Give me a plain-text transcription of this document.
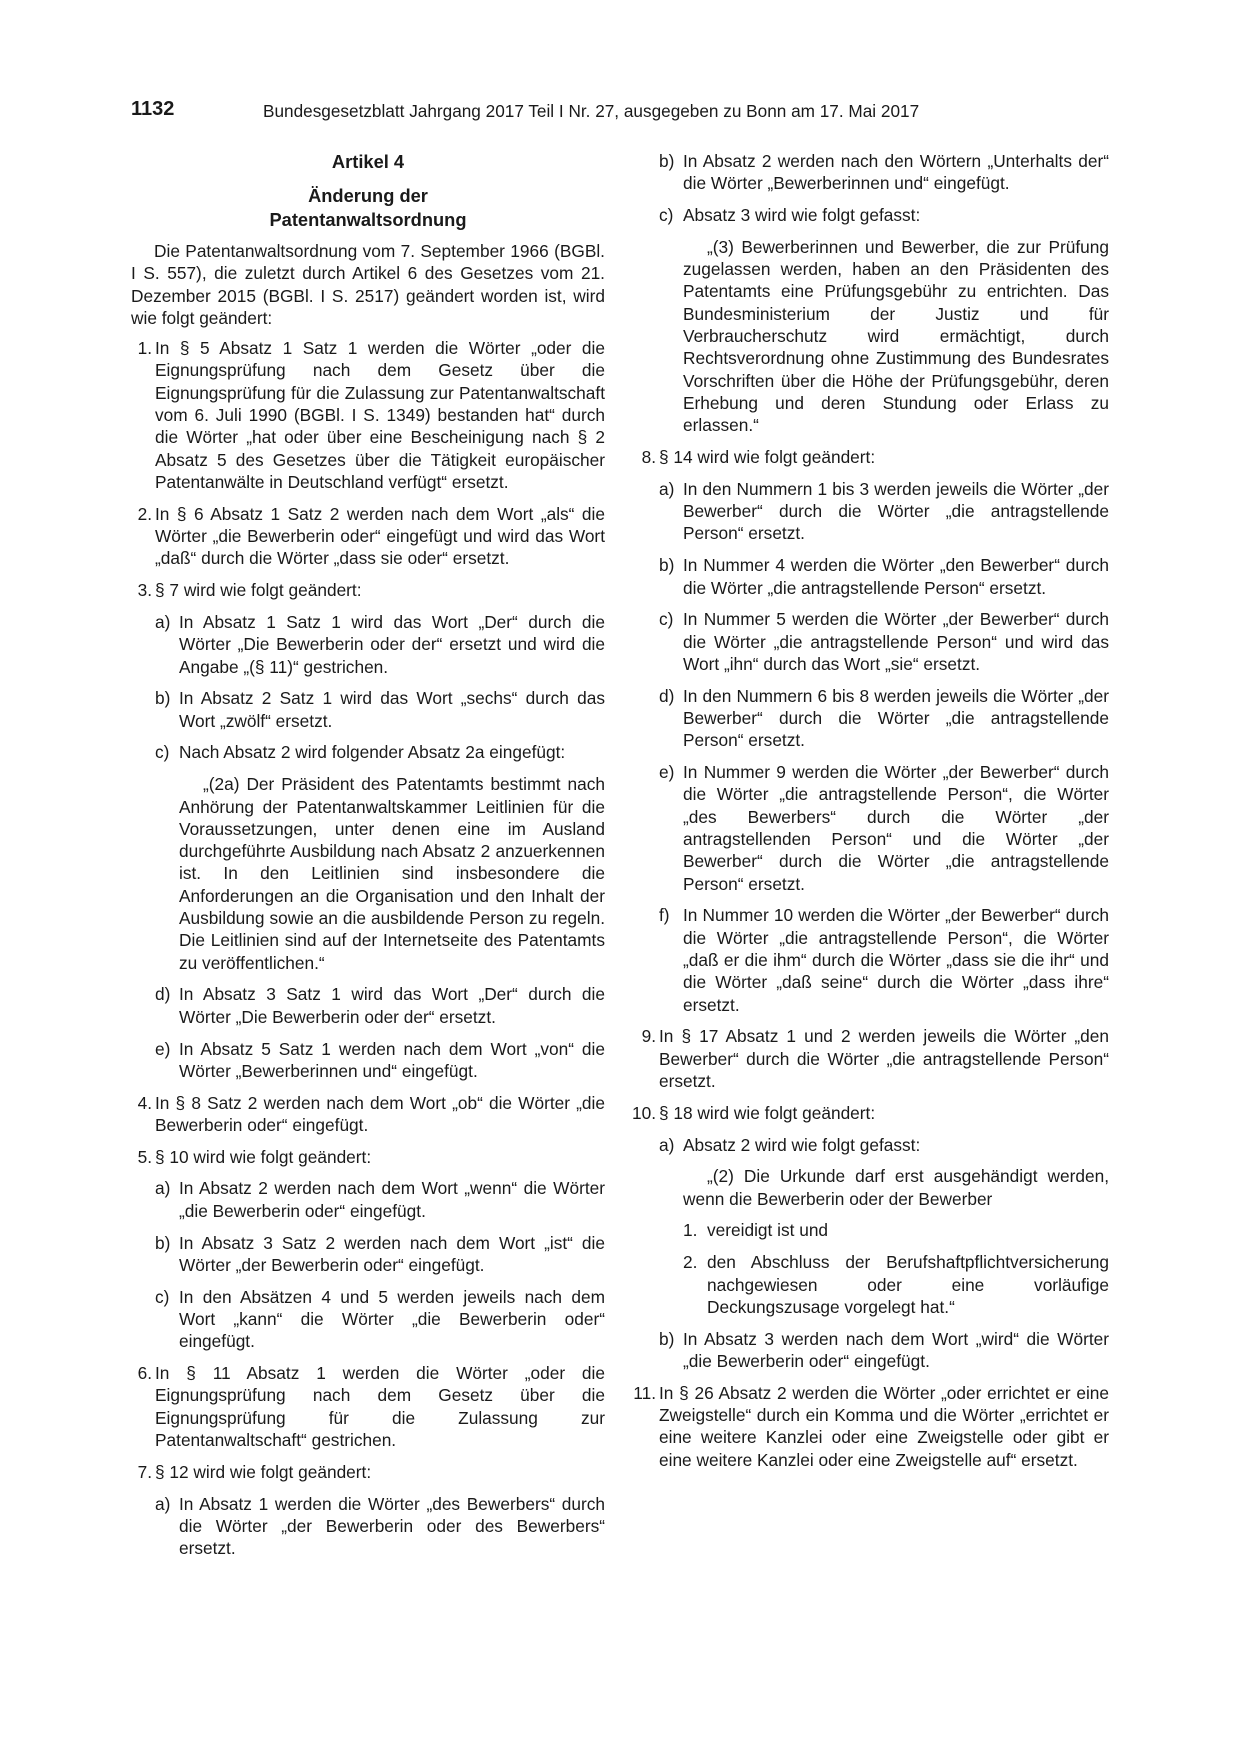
1132	Bundesgesetzblatt Jahrgang 2017 Teil I Nr. 27, ausgegeben zu Bonn am 17. Mai 2017
Artikel 4
Änderung der
Patentanwaltsordnung
Die Patentanwaltsordnung vom 7. September 1966 (BGBl. I S. 557), die zuletzt durch Artikel 6 des Gesetzes vom 21. Dezember 2015 (BGBl. I S. 2517) geändert worden ist, wird wie folgt geändert:
1. In § 5 Absatz 1 Satz 1 werden die Wörter „oder die Eignungsprüfung nach dem Gesetz über die Eignungsprüfung für die Zulassung zur Patentanwaltschaft vom 6. Juli 1990 (BGBl. I S. 1349) bestanden hat“ durch die Wörter „hat oder über eine Bescheinigung nach § 2 Absatz 5 des Gesetzes über die Tätigkeit europäischer Patentanwälte in Deutschland verfügt“ ersetzt.
2. In § 6 Absatz 1 Satz 2 werden nach dem Wort „als“ die Wörter „die Bewerberin oder“ eingefügt und wird das Wort „daß“ durch die Wörter „dass sie oder“ ersetzt.
3. § 7 wird wie folgt geändert:
a) In Absatz 1 Satz 1 wird das Wort „Der“ durch die Wörter „Die Bewerberin oder der“ ersetzt und wird die Angabe „(§ 11)“ gestrichen.
b) In Absatz 2 Satz 1 wird das Wort „sechs“ durch das Wort „zwölf“ ersetzt.
c) Nach Absatz 2 wird folgender Absatz 2a eingefügt:
„(2a) Der Präsident des Patentamts bestimmt nach Anhörung der Patentanwaltskammer Leitlinien für die Voraussetzungen, unter denen eine im Ausland durchgeführte Ausbildung nach Absatz 2 anzuerkennen ist. In den Leitlinien sind insbesondere die Anforderungen an die Organisation und den Inhalt der Ausbildung sowie an die ausbildende Person zu regeln. Die Leitlinien sind auf der Internetseite des Patentamts zu veröffentlichen.“
d) In Absatz 3 Satz 1 wird das Wort „Der“ durch die Wörter „Die Bewerberin oder der“ ersetzt.
e) In Absatz 5 Satz 1 werden nach dem Wort „von“ die Wörter „Bewerberinnen und“ eingefügt.
4. In § 8 Satz 2 werden nach dem Wort „ob“ die Wörter „die Bewerberin oder“ eingefügt.
5. § 10 wird wie folgt geändert:
a) In Absatz 2 werden nach dem Wort „wenn“ die Wörter „die Bewerberin oder“ eingefügt.
b) In Absatz 3 Satz 2 werden nach dem Wort „ist“ die Wörter „der Bewerberin oder“ eingefügt.
c) In den Absätzen 4 und 5 werden jeweils nach dem Wort „kann“ die Wörter „die Bewerberin oder“ eingefügt.
6. In § 11 Absatz 1 werden die Wörter „oder die Eignungsprüfung nach dem Gesetz über die Eignungsprüfung für die Zulassung zur Patentanwaltschaft“ gestrichen.
7. § 12 wird wie folgt geändert:
a) In Absatz 1 werden die Wörter „des Bewerbers“ durch die Wörter „der Bewerberin oder des Bewerbers“ ersetzt.
b) In Absatz 2 werden nach den Wörtern „Unterhalts der“ die Wörter „Bewerberinnen und“ eingefügt.
c) Absatz 3 wird wie folgt gefasst:
„(3) Bewerberinnen und Bewerber, die zur Prüfung zugelassen werden, haben an den Präsidenten des Patentamts eine Prüfungsgebühr zu entrichten. Das Bundesministerium der Justiz und für Verbraucherschutz wird ermächtigt, durch Rechtsverordnung ohne Zustimmung des Bundesrates Vorschriften über die Höhe der Prüfungsgebühr, deren Erhebung und deren Stundung oder Erlass zu erlassen.“
8. § 14 wird wie folgt geändert:
a) In den Nummern 1 bis 3 werden jeweils die Wörter „der Bewerber“ durch die Wörter „die antragstellende Person“ ersetzt.
b) In Nummer 4 werden die Wörter „den Bewerber“ durch die Wörter „die antragstellende Person“ ersetzt.
c) In Nummer 5 werden die Wörter „der Bewerber“ durch die Wörter „die antragstellende Person“ und wird das Wort „ihn“ durch das Wort „sie“ ersetzt.
d) In den Nummern 6 bis 8 werden jeweils die Wörter „der Bewerber“ durch die Wörter „die antragstellende Person“ ersetzt.
e) In Nummer 9 werden die Wörter „der Bewerber“ durch die Wörter „die antragstellende Person“, die Wörter „des Bewerbers“ durch die Wörter „der antragstellenden Person“ und die Wörter „der Bewerber“ durch die Wörter „die antragstellende Person“ ersetzt.
f) In Nummer 10 werden die Wörter „der Bewerber“ durch die Wörter „die antragstellende Person“, die Wörter „daß er die ihm“ durch die Wörter „dass sie die ihr“ und die Wörter „daß seine“ durch die Wörter „dass ihre“ ersetzt.
9. In § 17 Absatz 1 und 2 werden jeweils die Wörter „den Bewerber“ durch die Wörter „die antragstellende Person“ ersetzt.
10. § 18 wird wie folgt geändert:
a) Absatz 2 wird wie folgt gefasst:
„(2) Die Urkunde darf erst ausgehändigt werden, wenn die Bewerberin oder der Bewerber
1. vereidigt ist und
2. den Abschluss der Berufshaftpflichtversicherung nachgewiesen oder eine vorläufige Deckungszusage vorgelegt hat.“
b) In Absatz 3 werden nach dem Wort „wird“ die Wörter „die Bewerberin oder“ eingefügt.
11. In § 26 Absatz 2 werden die Wörter „oder errichtet er eine Zweigstelle“ durch ein Komma und die Wörter „errichtet er eine weitere Kanzlei oder eine Zweigstelle oder gibt er eine weitere Kanzlei oder eine Zweigstelle auf“ ersetzt.
